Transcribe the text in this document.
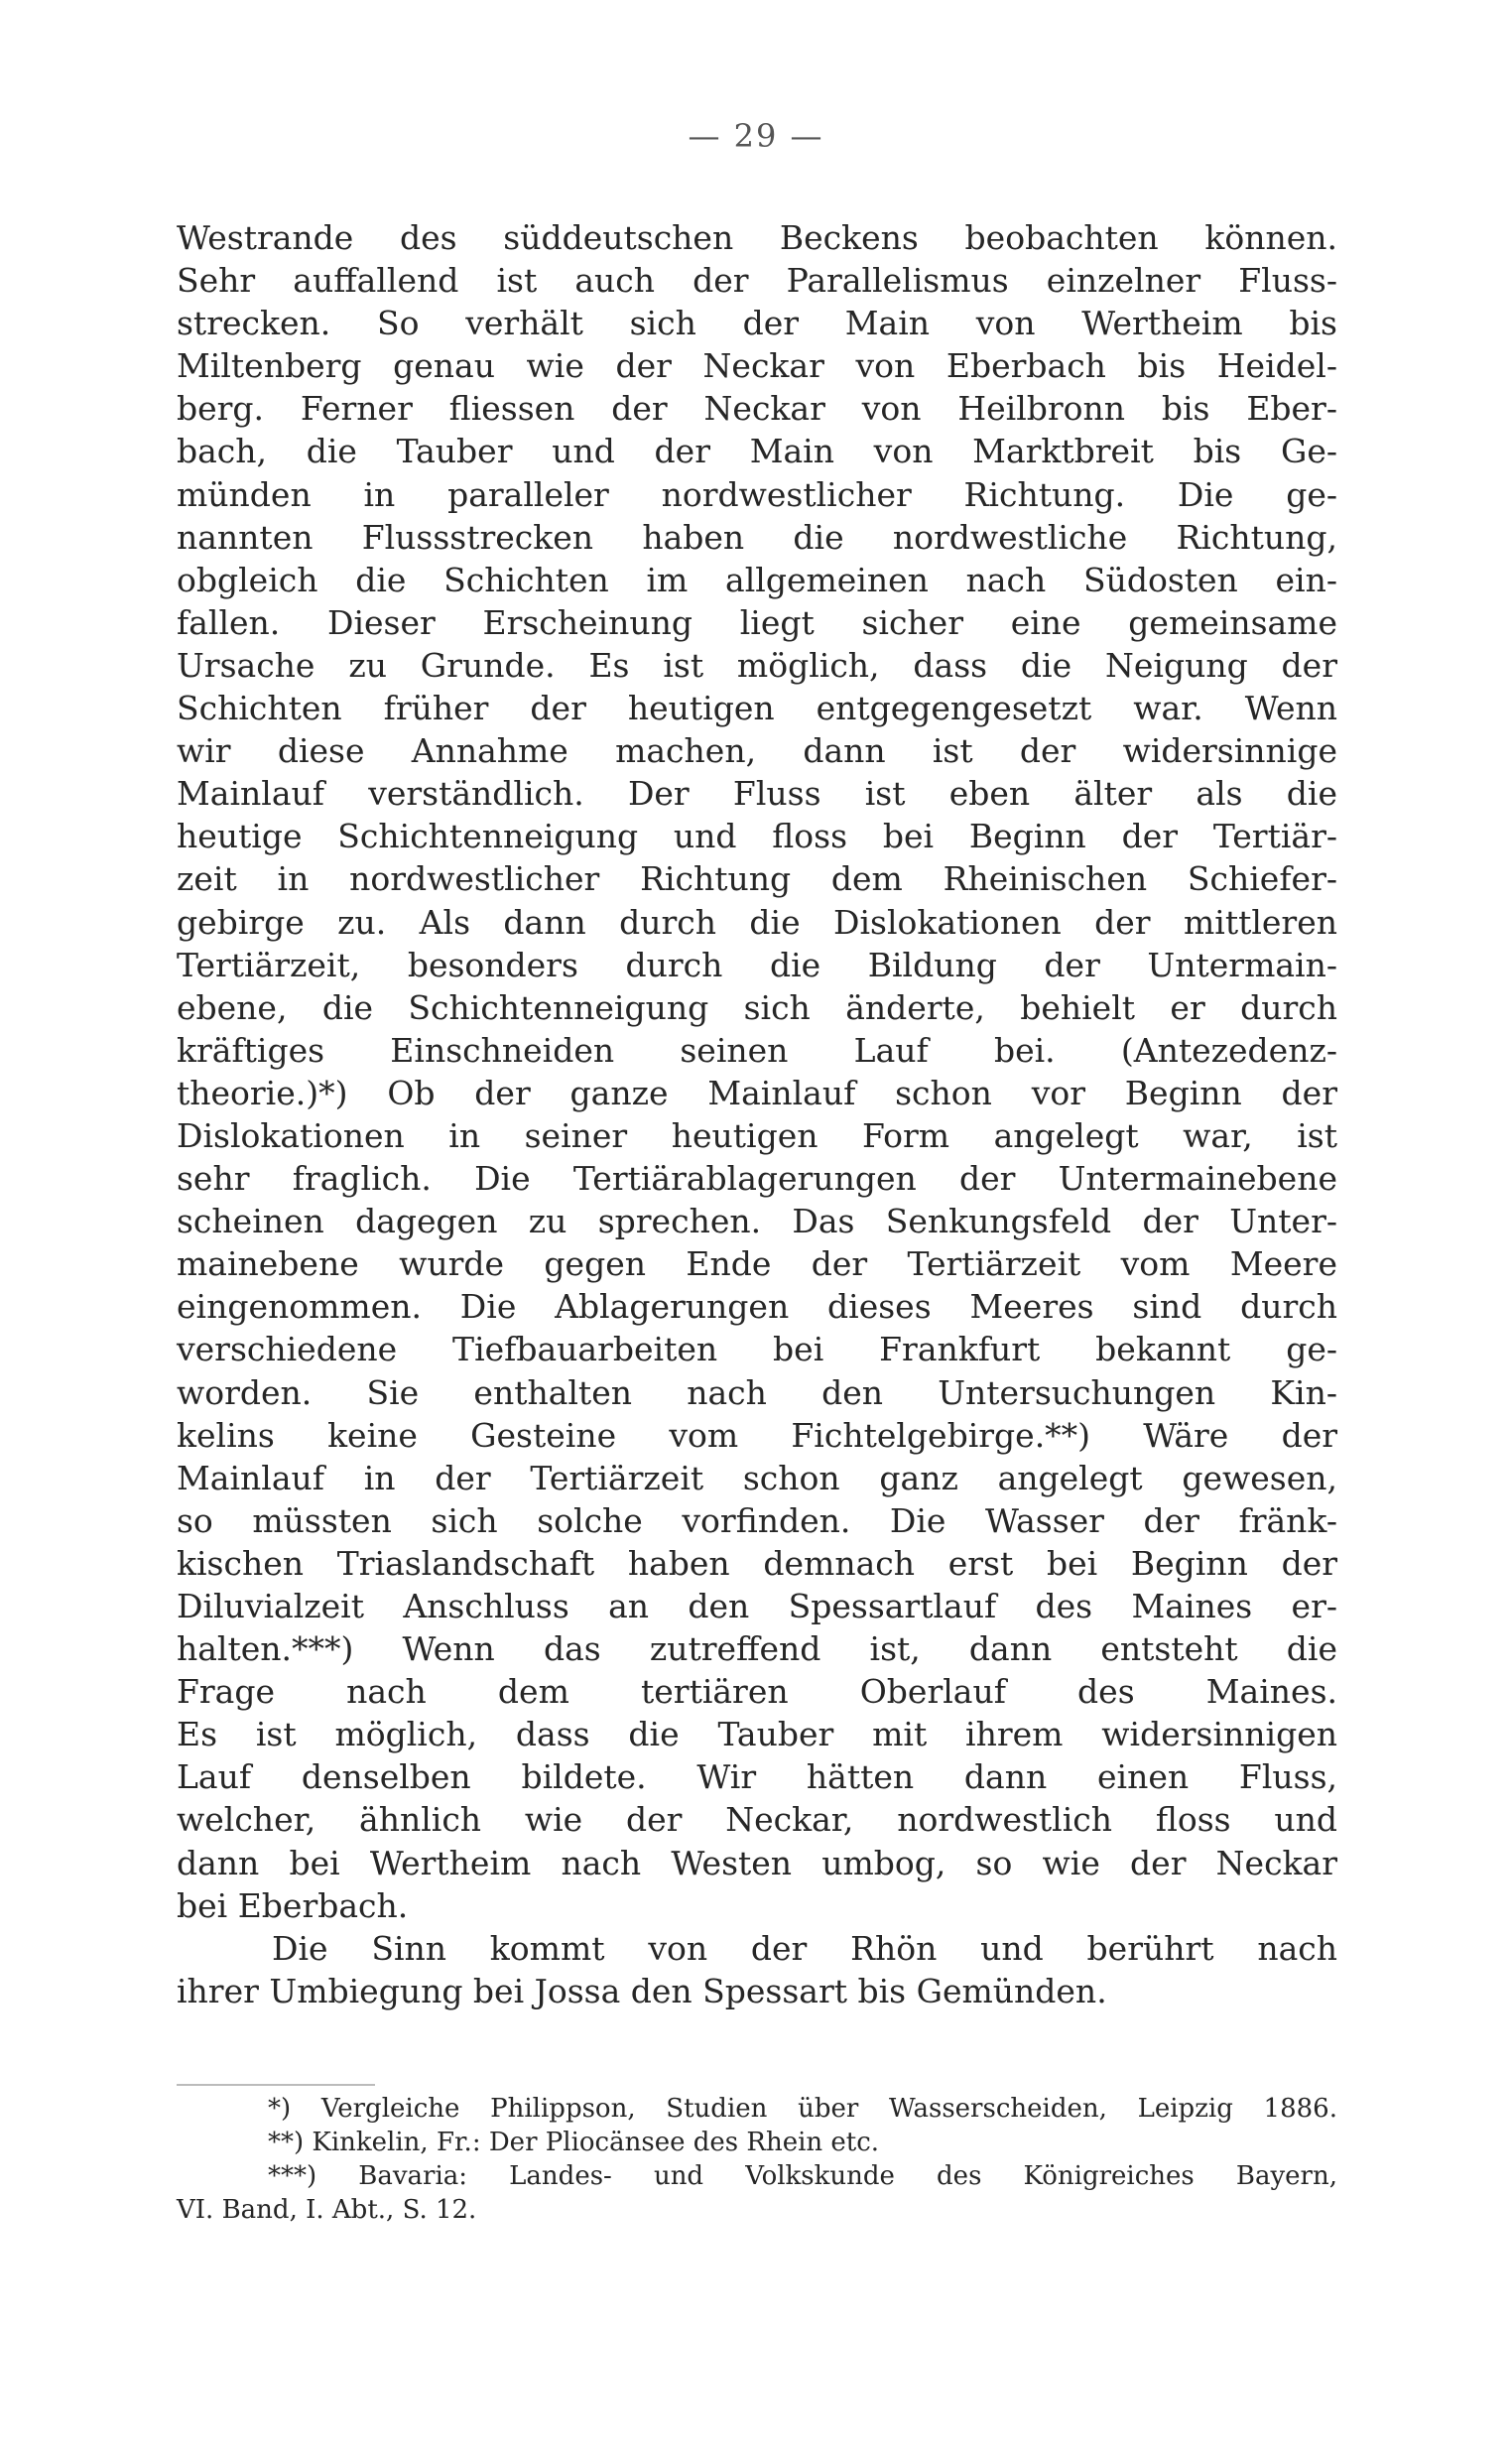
— 29 —
Westrande des süddeutschen Beckens beobachten können.
Sehr auffallend ist auch der Parallelismus einzelner Fluss-
strecken. So verhält sich der Main von Wertheim bis
Miltenberg genau wie der Neckar von Eberbach bis Heidel-
berg. Ferner fliessen der Neckar von Heilbronn bis Eber-
bach, die Tauber und der Main von Marktbreit bis Ge-
münden in paralleler nordwestlicher Richtung. Die ge-
nannten Flussstrecken haben die nordwestliche Richtung,
obgleich die Schichten im allgemeinen nach Südosten ein-
fallen. Dieser Erscheinung liegt sicher eine gemeinsame
Ursache zu Grunde. Es ist möglich, dass die Neigung der
Schichten früher der heutigen entgegengesetzt war. Wenn
wir diese Annahme machen, dann ist der widersinnige
Mainlauf verständlich. Der Fluss ist eben älter als die
heutige Schichtenneigung und floss bei Beginn der Tertiär-
zeit in nordwestlicher Richtung dem Rheinischen Schiefer-
gebirge zu. Als dann durch die Dislokationen der mittleren
Tertiärzeit, besonders durch die Bildung der Untermain-
ebene, die Schichtenneigung sich änderte, behielt er durch
kräftiges Einschneiden seinen Lauf bei. (Antezedenz-
theorie.)*) Ob der ganze Mainlauf schon vor Beginn der
Dislokationen in seiner heutigen Form angelegt war, ist
sehr fraglich. Die Tertiärablagerungen der Untermainebene
scheinen dagegen zu sprechen. Das Senkungsfeld der Unter-
mainebene wurde gegen Ende der Tertiärzeit vom Meere
eingenommen. Die Ablagerungen dieses Meeres sind durch
verschiedene Tiefbauarbeiten bei Frankfurt bekannt ge-
worden. Sie enthalten nach den Untersuchungen Kin-
kelins keine Gesteine vom Fichtelgebirge.**) Wäre der
Mainlauf in der Tertiärzeit schon ganz angelegt gewesen,
so müssten sich solche vorfinden. Die Wasser der fränk-
kischen Triaslandschaft haben demnach erst bei Beginn der
Diluvialzeit Anschluss an den Spessartlauf des Maines er-
halten.***) Wenn das zutreffend ist, dann entsteht die
Frage nach dem tertiären Oberlauf des Maines.
Es ist möglich, dass die Tauber mit ihrem widersinnigen
Lauf denselben bildete. Wir hätten dann einen Fluss,
welcher, ähnlich wie der Neckar, nordwestlich floss und
dann bei Wertheim nach Westen umbog, so wie der Neckar
bei Eberbach.
Die Sinn kommt von der Rhön und berührt nach
ihrer Umbiegung bei Jossa den Spessart bis Gemünden.
*) Vergleiche Philippson, Studien über Wasserscheiden, Leipzig 1886.
**) Kinkelin, Fr.: Der Pliocänsee des Rhein etc.
***) Bavaria: Landes- und Volkskunde des Königreiches Bayern,
VI. Band, I. Abt., S. 12.
